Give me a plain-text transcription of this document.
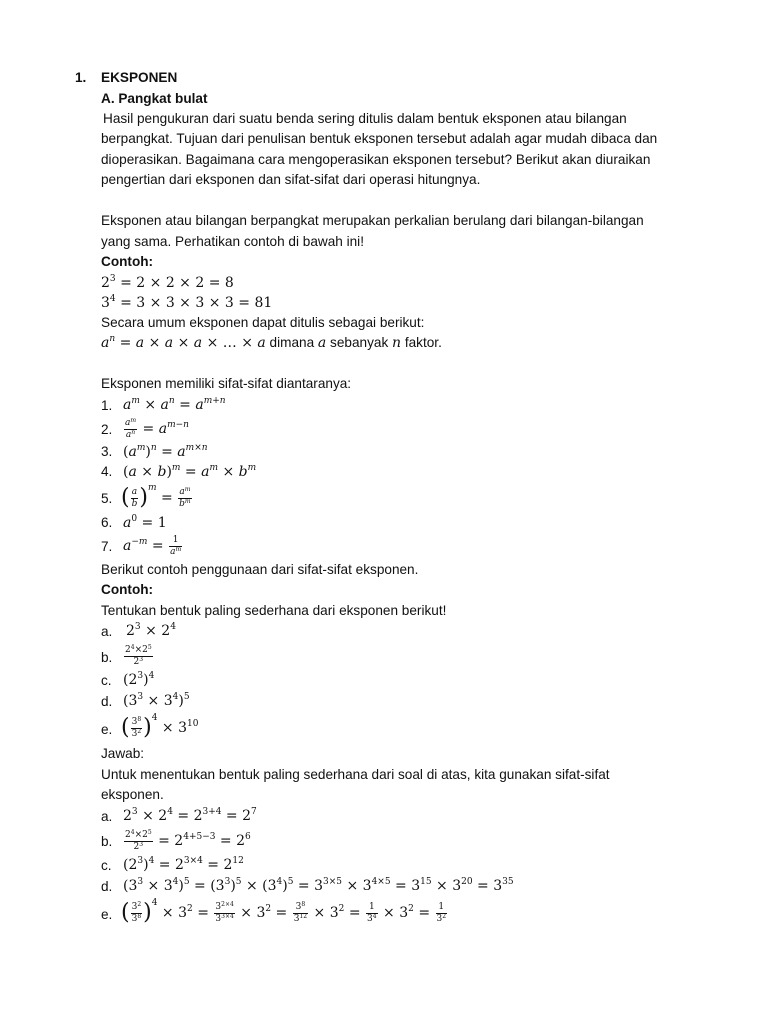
1. EKSPONEN
A. Pangkat bulat
Hasil pengukuran dari suatu benda sering ditulis dalam bentuk eksponen atau bilangan
berpangkat. Tujuan dari penulisan bentuk eksponen tersebut adalah agar mudah dibaca dan
dioperasikan. Bagaimana cara mengoperasikan eksponen tersebut? Berikut akan diuraikan
pengertian dari eksponen dan sifat-sifat dari operasi hitungnya.
Eksponen atau bilangan berpangkat merupakan perkalian berulang dari bilangan-bilangan
yang sama. Perhatikan contoh di bawah ini!
Contoh:
$2^3 = 2 \times 2 \times 2 = 8$
$3^4 = 3 \times 3 \times 3 \times 3 = 81$
Secara umum eksponen dapat ditulis sebagai berikut:
$a^n = a \times a \times a$ × … × a dimana a sebanyak n faktor.
Eksponen memiliki sifat-sifat diantaranya:
1. $a^m \times a^n = a^{m+n}$
2. $\frac{a^m}{a^n} = a^{m-n}$
3. $(a^m)^n = a^{m\times n}$
4. $(a \times b)^m = a^m \times b^m$
5. ( $\frac{a}{b} )^m = \frac{a^m}{b^m}$
6. $a^0 = 1$
7. $a^{-m} = \frac{1}{a^m}$
Berikut contoh penggunaan dari sifat-sifat eksponen.
Contoh:
Tentukan bentuk paling sederhana dari eksponen berikut!
a. $2^3 \times 2^4$
b. $\frac{2^4\times 2^5}{2^3}$
c. $(2^3)^4$
d. $(3^3 \times 3^4)^5$
e. ( $\frac{3^8}{3^2} )^4 \times 3^{10}$
Jawab:
Untuk menentukan bentuk paling sederhana dari soal di atas, kita gunakan sifat-sifat
eksponen.
a. $2^3 \times 2^4 = 2^{3+4} = 2^7$
b. $\frac{2^4\times 2^5}{2^3} = 2^{4+5-3} = 2^6$
c. $(2^3)^4 = 2^{3\times 4} = 2^{12}$
d. $(3^3 \times 3^4)^5 = (3^3)^5 \times (3^4)^5 = 3^{3\times 5} \times 3^{4\times 5} = 3^{15} \times 3^{20} = 3^{35}$
e. ( $\frac{3^2}{3^8} )^4 \times 3^2 = \frac{3^{2\times 4}}{3^{3\times 4}} \times 3^2 = \frac{3^8}{3^{12}} \times 3^2 = \frac{1}{3^4} \times 3^2 = \frac{1}{3^2}$
